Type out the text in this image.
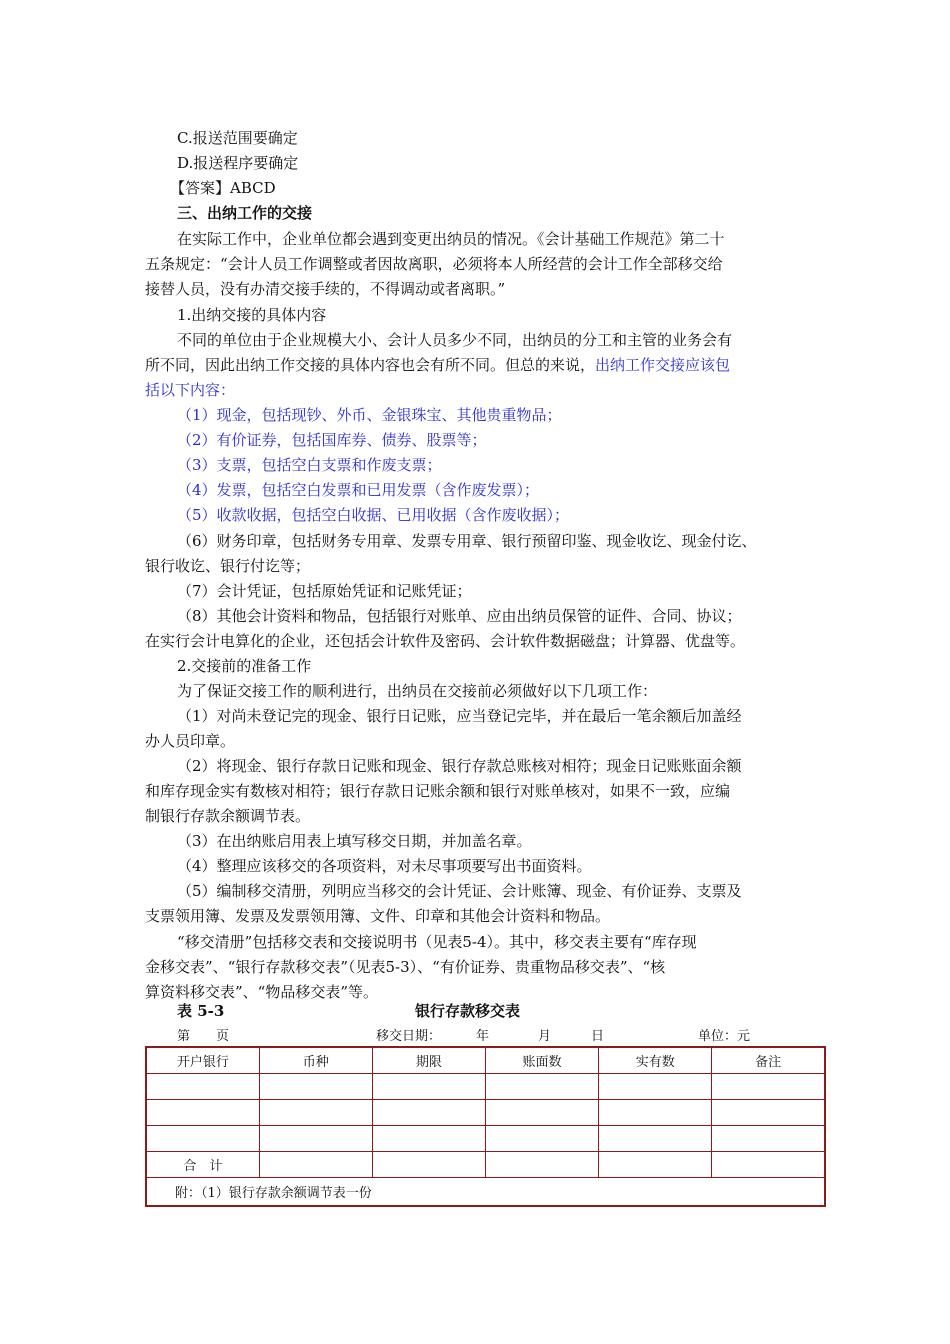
C.报送范围要确定
D.报送程序要确定
【答案】ABCD
三、出纳工作的交接
在实际工作中，企业单位都会遇到变更出纳员的情况。《会计基础工作规范》第二十
五条规定：“会计人员工作调整或者因故离职，必须将本人所经营的会计工作全部移交给
接替人员，没有办清交接手续的，不得调动或者离职。”
1.出纳交接的具体内容
不同的单位由于企业规模大小、会计人员多少不同，出纳员的分工和主管的业务会有
所不同，因此出纳工作交接的具体内容也会有所不同。但总的来说，出纳工作交接应该包
括以下内容：
（1）现金，包括现钞、外币、金银珠宝、其他贵重物品；
（2）有价证券，包括国库券、债券、股票等；
（3）支票，包括空白支票和作废支票；
（4）发票，包括空白发票和已用发票（含作废发票）；
（5）收款收据，包括空白收据、已用收据（含作废收据）；
（6）财务印章，包括财务专用章、发票专用章、银行预留印鉴、现金收讫、现金付讫、
银行收讫、银行付讫等；
（7）会计凭证，包括原始凭证和记账凭证；
（8）其他会计资料和物品，包括银行对账单、应由出纳员保管的证件、合同、协议；
在实行会计电算化的企业，还包括会计软件及密码、会计软件数据磁盘；计算器、优盘等。
2.交接前的准备工作
为了保证交接工作的顺利进行，出纳员在交接前必须做好以下几项工作：
（1）对尚未登记完的现金、银行日记账，应当登记完毕，并在最后一笔余额后加盖经
办人员印章。
（2）将现金、银行存款日记账和现金、银行存款总账核对相符；现金日记账账面余额
和库存现金实有数核对相符；银行存款日记账余额和银行对账单核对，如果不一致，应编
制银行存款余额调节表。
（3）在出纳账启用表上填写移交日期，并加盖名章。
（4）整理应该移交的各项资料，对未尽事项要写出书面资料。
（5）编制移交清册，列明应当移交的会计凭证、会计账簿、现金、有价证券、支票及
支票领用簿、发票及发票领用簿、文件、印章和其他会计资料和物品。
“移交清册”包括移交表和交接说明书（见表5-4）。其中，移交表主要有“库存现
金移交表”、“银行存款移交表”（见表5-3）、“有价证券、贵重物品移交表”、“核
算资料移交表”、“物品移交表”等。
表 5-3	银行存款移交表
第　　页	移交日期：	年	月	日	单位：元
开户银行	币种	期限	账面数	实有数	备注

合　计					
附：（1）银行存款余额调节表一份					
